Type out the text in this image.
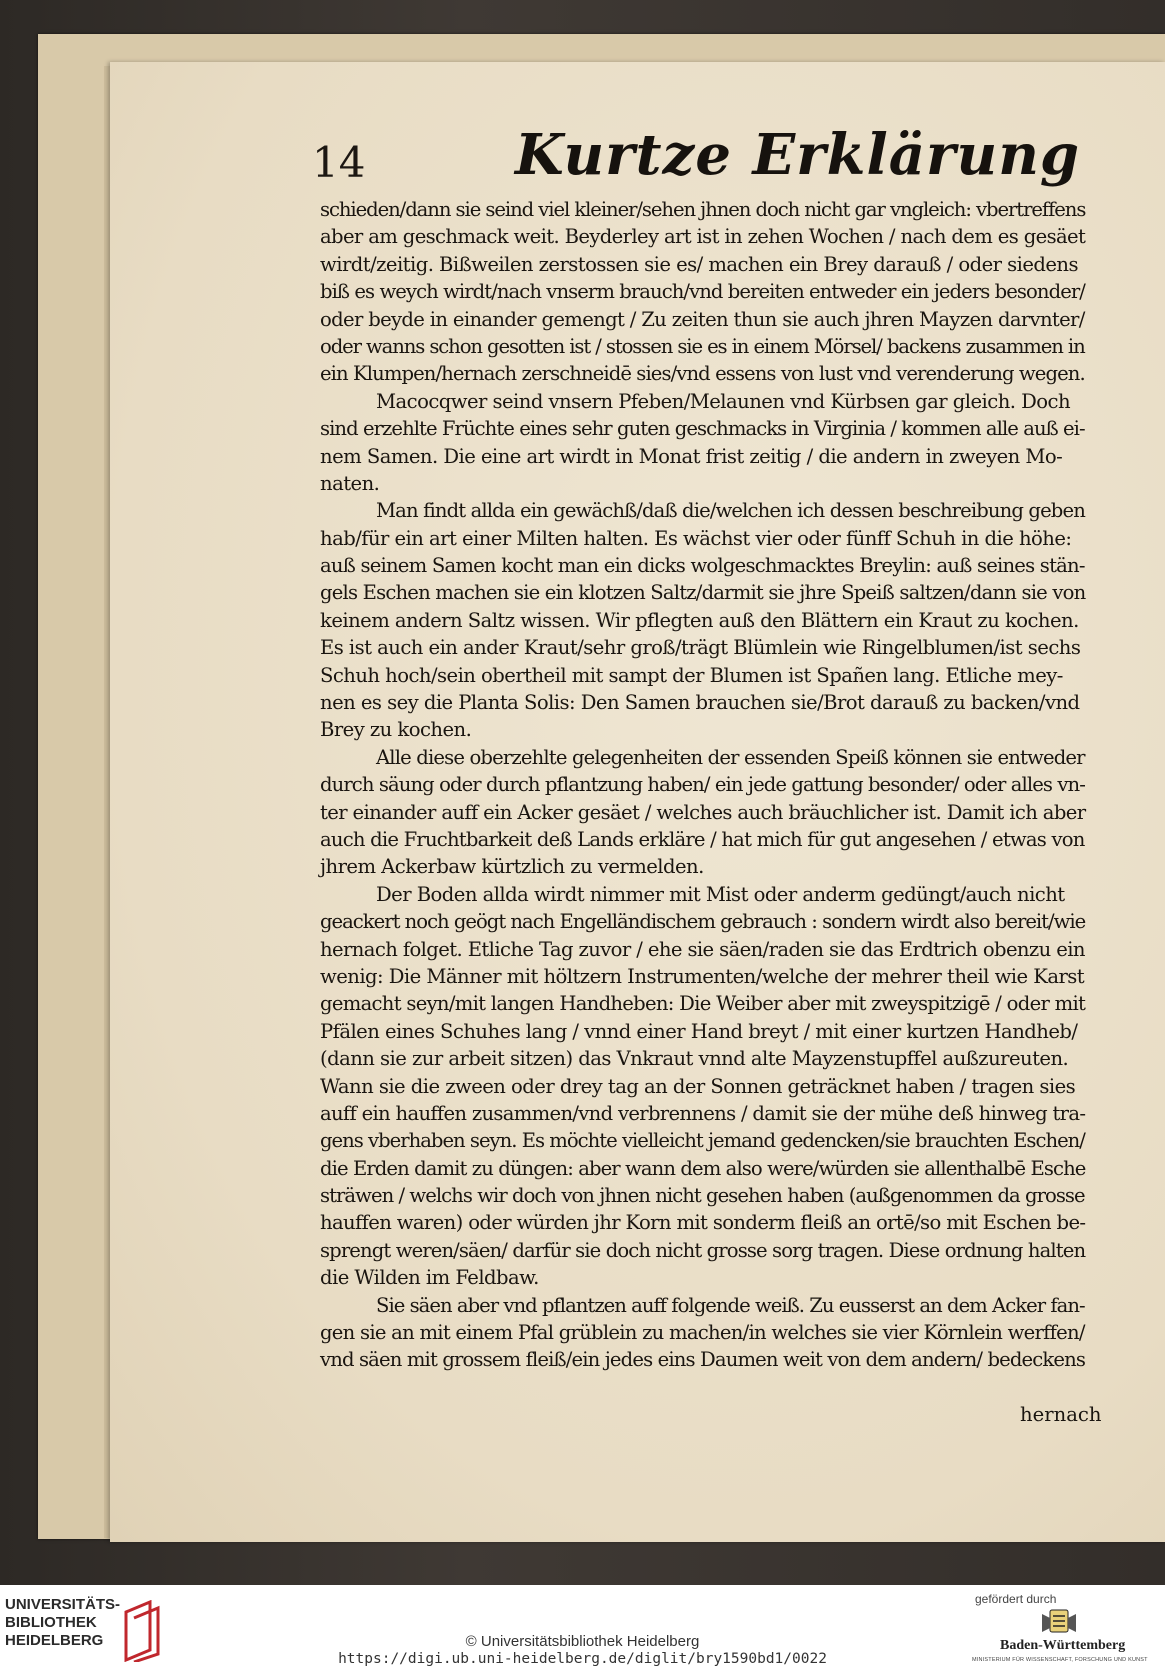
14	Kurtze Erklärung
schieden/dann sie seind viel kleiner/sehen jhnen doch nicht gar vngleich: vbertreffens
aber am geschmack weit. Beyderley art ist in zehen Wochen / nach dem es gesäet
wirdt/zeitig. Bißweilen zerstossen sie es/ machen ein Brey darauß / oder siedens
biß es weych wirdt/nach vnserm brauch/vnd bereiten entweder ein jeders besonder/
oder beyde in einander gemengt / Zu zeiten thun sie auch jhren Mayzen darvnter/
oder wanns schon gesotten ist / stossen sie es in einem Mörsel/ backens zusammen in
ein Klumpen/hernach zerschneidē sies/vnd essens von lust vnd verenderung wegen.
Macocqwer seind vnsern Pfeben/Melaunen vnd Kürbsen gar gleich. Doch
sind erzehlte Früchte eines sehr guten geschmacks in Virginia / kommen alle auß ei-
nem Samen. Die eine art wirdt in Monat frist zeitig / die andern in zweyen Mo-
naten.
Man findt allda ein gewächß/daß die/welchen ich dessen beschreibung geben
hab/für ein art einer Milten halten. Es wächst vier oder fünff Schuh in die höhe:
auß seinem Samen kocht man ein dicks wolgeschmacktes Breylin: auß seines stän-
gels Eschen machen sie ein klotzen Saltz/darmit sie jhre Speiß saltzen/dann sie von
keinem andern Saltz wissen. Wir pflegten auß den Blättern ein Kraut zu kochen.
Es ist auch ein ander Kraut/sehr groß/trägt Blümlein wie Ringelblumen/ist sechs
Schuh hoch/sein obertheil mit sampt der Blumen ist Spañen lang. Etliche mey-
nen es sey die Planta Solis: Den Samen brauchen sie/Brot darauß zu backen/vnd
Brey zu kochen.
Alle diese oberzehlte gelegenheiten der essenden Speiß können sie entweder
durch säung oder durch pflantzung haben/ ein jede gattung besonder/ oder alles vn-
ter einander auff ein Acker gesäet / welches auch bräuchlicher ist. Damit ich aber
auch die Fruchtbarkeit deß Lands erkläre / hat mich für gut angesehen / etwas von
jhrem Ackerbaw kürtzlich zu vermelden.
Der Boden allda wirdt nimmer mit Mist oder anderm gedüngt/auch nicht
geackert noch geögt nach Engelländischem gebrauch : sondern wirdt also bereit/wie
hernach folget. Etliche Tag zuvor / ehe sie säen/raden sie das Erdtrich obenzu ein
wenig: Die Männer mit höltzern Instrumenten/welche der mehrer theil wie Karst
gemacht seyn/mit langen Handheben: Die Weiber aber mit zweyspitzigē / oder mit
Pfälen eines Schuhes lang / vnnd einer Hand breyt / mit einer kurtzen Handheb/
(dann sie zur arbeit sitzen) das Vnkraut vnnd alte Mayzenstupffel außzureuten.
Wann sie die zween oder drey tag an der Sonnen geträcknet haben / tragen sies
auff ein hauffen zusammen/vnd verbrennens / damit sie der mühe deß hinweg tra-
gens vberhaben seyn. Es möchte vielleicht jemand gedencken/sie brauchten Eschen/
die Erden damit zu düngen: aber wann dem also were/würden sie allenthalbē Esche
sträwen / welchs wir doch von jhnen nicht gesehen haben (außgenommen da grosse
hauffen waren) oder würden jhr Korn mit sonderm fleiß an ortē/so mit Eschen be-
sprengt weren/säen/ darfür sie doch nicht grosse sorg tragen. Diese ordnung halten
die Wilden im Feldbaw.
Sie säen aber vnd pflantzen auff folgende weiß. Zu eusserst an dem Acker fan-
gen sie an mit einem Pfal grüblein zu machen/in welches sie vier Körnlein werffen/
vnd säen mit grossem fleiß/ein jedes eins Daumen weit von dem andern/ bedeckens
hernach
UNIVERSITÄTS-
BIBLIOTHEK
HEIDELBERG	© Universitätsbibliothek Heidelberg
https://digi.ub.uni-heidelberg.de/diglit/bry1590bd1/0022
gefördert durch
Baden-Württemberg
MINISTERIUM FÜR WISSENSCHAFT, FORSCHUNG UND KUNST
